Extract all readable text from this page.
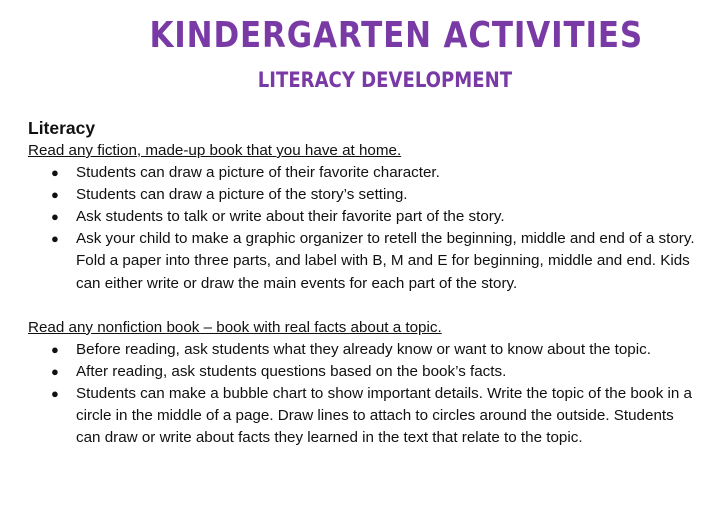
KINDERGARTEN ACTIVITIES
LITERACY DEVELOPMENT
Literacy
Read any fiction, made-up book that you have at home.
● Students can draw a picture of their favorite character.
● Students can draw a picture of the story’s setting.
● Ask students to talk or write about their favorite part of the story.
● Ask your child to make a graphic organizer to retell the beginning, middle and end of a story. Fold a paper into three parts, and label with B, M and E for beginning, middle and end. Kids can either write or draw the main events for each part of the story.
Read any nonfiction book – book with real facts about a topic.
● Before reading, ask students what they already know or want to know about the topic.
● After reading, ask students questions based on the book’s facts.
● Students can make a bubble chart to show important details. Write the topic of the book in a circle in the middle of a page. Draw lines to attach to circles around the outside. Students can draw or write about facts they learned in the text that relate to the topic.
